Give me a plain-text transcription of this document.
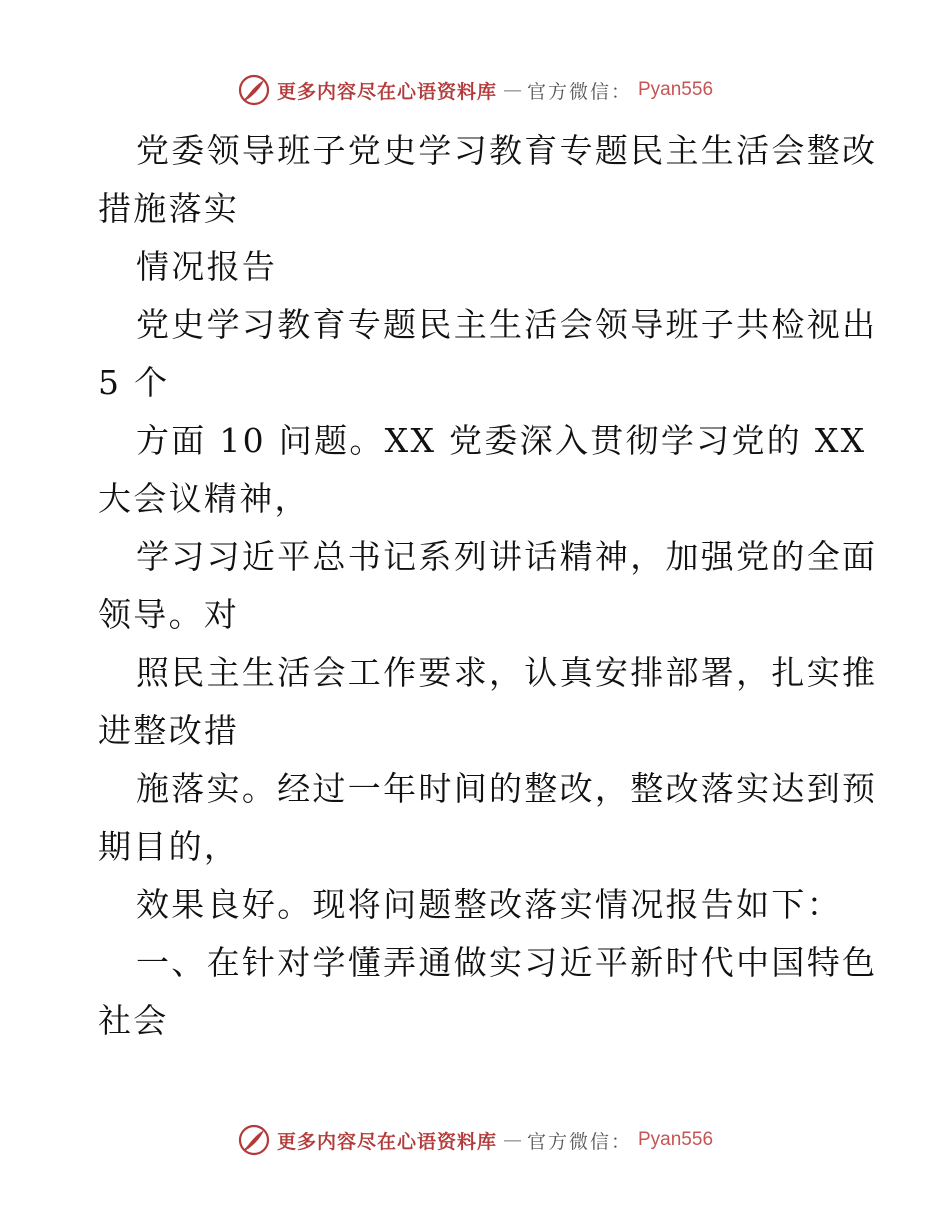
更多内容尽在心语资料库 — 官方微信： Pyan556
党委领导班子党史学习教育专题民主生活会整改
措施落实
情况报告
党史学习教育专题民主生活会领导班子共检视出
5 个
方面 10 问题。XX 党委深入贯彻学习党的 XX
大会议精神，
学习习近平总书记系列讲话精神，加强党的全面
领导。对
照民主生活会工作要求，认真安排部署，扎实推
进整改措
施落实。经过一年时间的整改，整改落实达到预
期目的，
效果良好。现将问题整改落实情况报告如下：
一、在针对学懂弄通做实习近平新时代中国特色
社会
更多内容尽在心语资料库 — 官方微信： Pyan556
